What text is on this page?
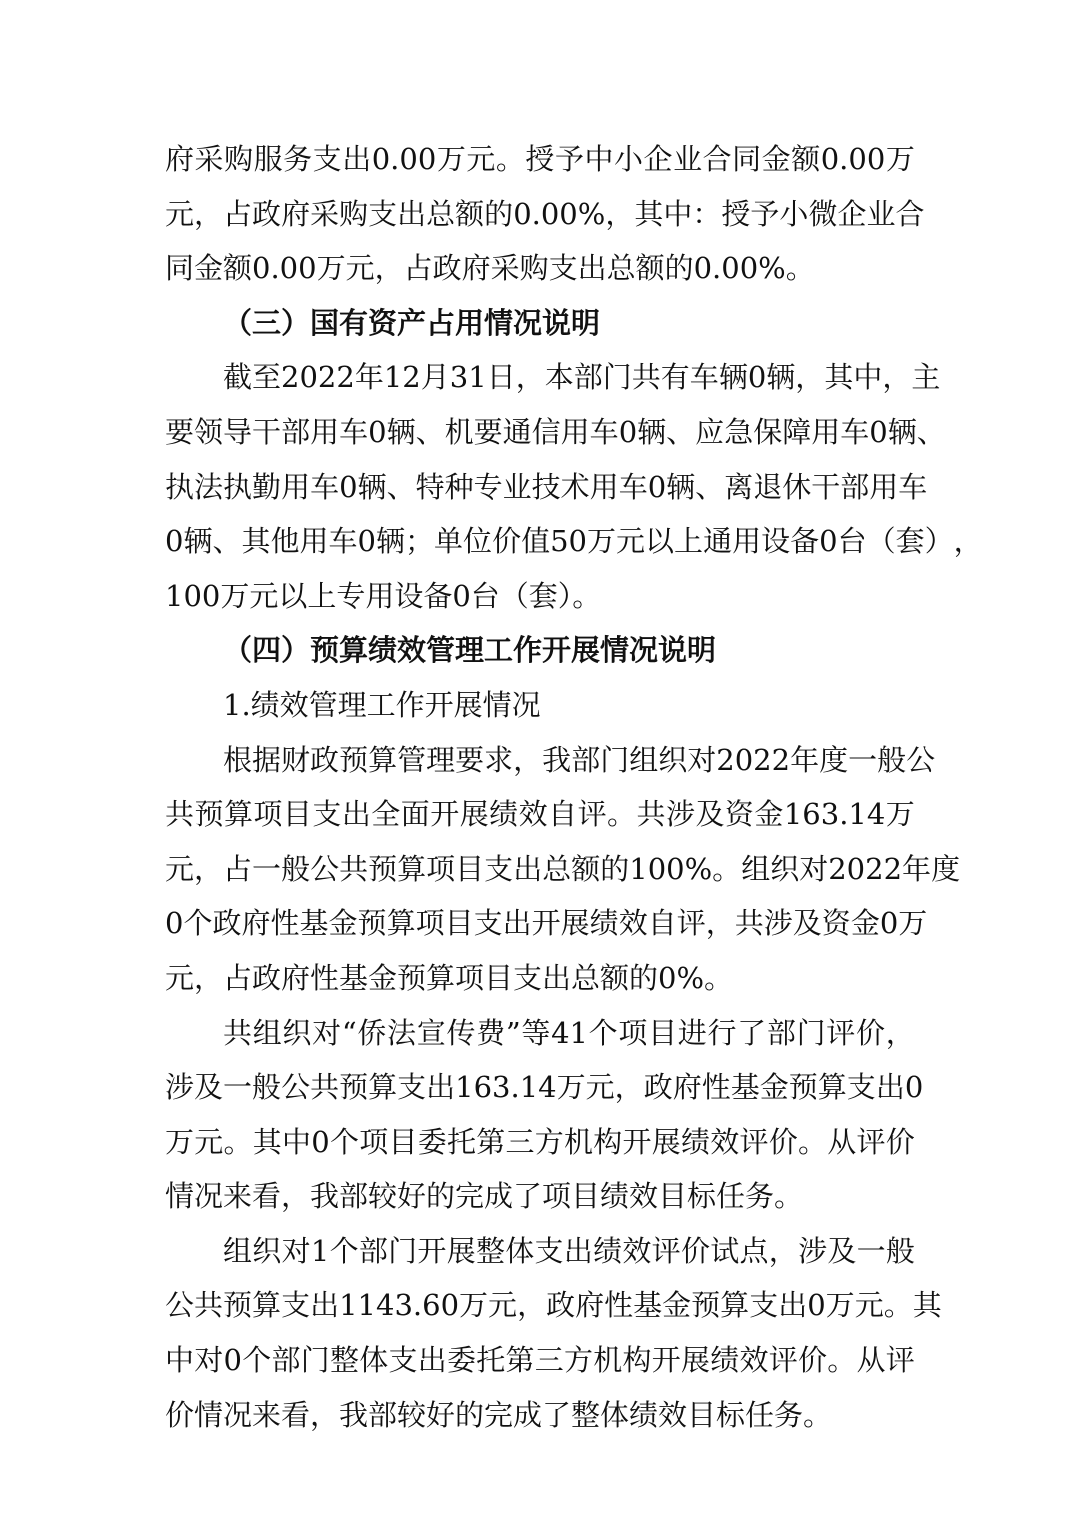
府 采 购 服 务 支 出 0.00 万 元 。 授 予 中 小 企 业 合 同 金 额 0.00 万
元 ， 占 政 府 采 购 支 出 总 额 的 0.00% ， 其 中 ： 授 予 小 微 企 业 合
同金额0.00万元，占政府采购支出总额的0.00%。
（三）国有资产占用情况说明
截 至 2022 年 12 月 31 日 ， 本 部 门 共 有 车 辆 0 辆 ， 其 中 ， 主
要 领 导 干 部 用 车 0 辆 、 机 要 通 信 用 车 0 辆 、 应 急 保 障 用 车 0 辆 、
执 法 执 勤 用 车 0 辆 、 特 种 专 业 技 术 用 车 0 辆 、 离 退 休 干 部 用 车
0 辆 、 其 他 用 车 0 辆 ； 单 位 价 值 50 万 元 以 上 通 用 设 备 0 台 （ 套 ） ，
100万元以上专用设备0台（套）。
（四）预算绩效管理工作开展情况说明
1.绩效管理工作开展情况
根 据 财 政 预 算 管 理 要 求 ， 我 部 门 组 织 对 2022 年 度 一 般 公
共 预 算 项 目 支 出 全 面 开 展 绩 效 自 评 。 共 涉 及 资 金 163.14 万
元 ， 占 一 般 公 共 预 算 项 目 支 出 总 额 的 100% 。 组 织 对 2022 年 度
0 个 政 府 性 基 金 预 算 项 目 支 出 开 展 绩 效 自 评 ， 共 涉 及 资 金 0 万
元，占政府性基金预算项目支出总额的0%。
共 组 织 对 “ 侨 法 宣 传 费 ” 等 41 个 项 目 进 行 了 部 门 评 价 ，
涉 及 一 般 公 共 预 算 支 出 163.14 万 元 ， 政 府 性 基 金 预 算 支 出 0
万 元 。 其 中 0 个 项 目 委 托 第 三 方 机 构 开 展 绩 效 评 价 。 从 评 价
情况来看，我部较好的完成了项目绩效目标任务。
组 织 对 1 个 部 门 开 展 整 体 支 出 绩 效 评 价 试 点 ， 涉 及 一 般
公 共 预 算 支 出 1143.60 万 元 ， 政 府 性 基 金 预 算 支 出 0 万 元 。 其
中 对 0 个 部 门 整 体 支 出 委 托 第 三 方 机 构 开 展 绩 效 评 价 。 从 评
价情况来看，我部较好的完成了整体绩效目标任务。
